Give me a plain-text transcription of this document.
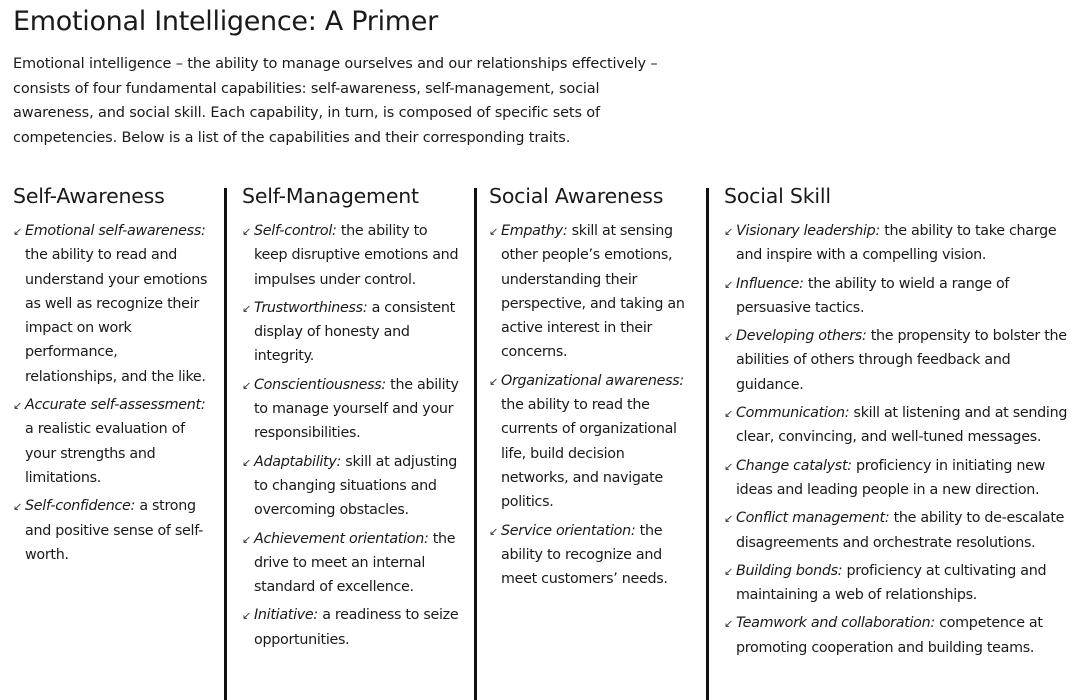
Emotional Intelligence: A Primer

Emotional intelligence – the ability to manage ourselves and our relationships effectively – consists of four fundamental capabilities: self-awareness, self-management, social awareness, and social skill. Each capability, in turn, is composed of specific sets of competencies. Below is a list of the capabilities and their corresponding traits.

Self-Awareness

↙ Emotional self-awareness: the ability to read and understand your emotions as well as recognize their impact on work performance, relationships, and the like.

↙ Accurate self-assessment: a realistic evaluation of your strengths and limitations.

↙ Self-confidence: a strong and positive sense of self-worth.

Self-Management

↙ Self-control: the ability to keep disruptive emotions and impulses under control.

↙ Trustworthiness: a consistent display of honesty and integrity.

↙ Conscientiousness: the ability to manage yourself and your responsibilities.

↙ Adaptability: skill at adjusting to changing situations and overcoming obstacles.

↙ Achievement orientation: the drive to meet an internal standard of excellence.

↙ Initiative: a readiness to seize opportunities.

Social Awareness

↙ Empathy: skill at sensing other people’s emotions, understanding their perspective, and taking an active interest in their concerns.

↙ Organizational awareness: the ability to read the currents of organizational life, build decision networks, and navigate politics.

↙ Service orientation: the ability to recognize and meet customers’ needs.

Social Skill

↙ Visionary leadership: the ability to take charge and inspire with a compelling vision.

↙ Influence: the ability to wield a range of persuasive tactics.

↙ Developing others: the propensity to bolster the abilities of others through feedback and guidance.

↙ Communication: skill at listening and at sending clear, convincing, and well-tuned messages.

↙ Change catalyst: proficiency in initiating new ideas and leading people in a new direction.

↙ Conflict management: the ability to de-escalate disagreements and orchestrate resolutions.

↙ Building bonds: proficiency at cultivating and maintaining a web of relationships.

↙ Teamwork and collaboration: competence at promoting cooperation and building teams.
